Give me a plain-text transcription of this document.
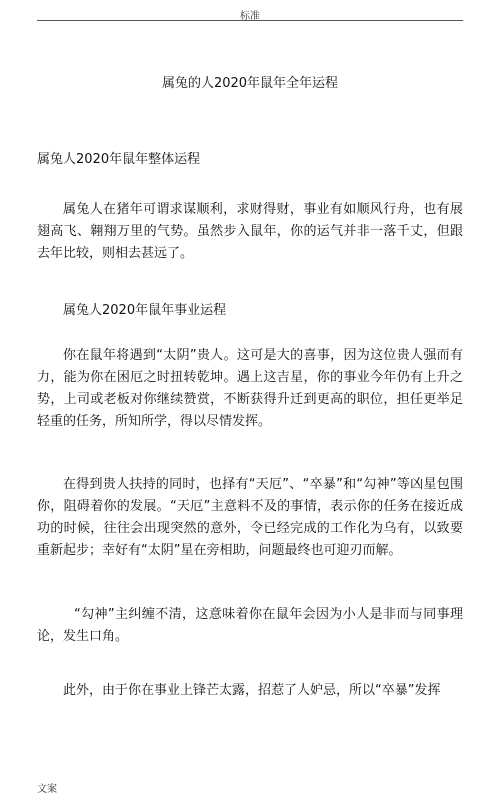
标准
属兔的人2020年鼠年全年运程
属兔人2020年鼠年整体运程

属兔人在猪年可谓求谋顺利，求财得财，事业有如顺风行舟，也有展翅高飞、翱翔万里的气势。虽然步入鼠年，你的运气并非一落千丈，但跟去年比较，则相去甚远了。

属兔人2020年鼠年事业运程

你在鼠年将遇到“太阴”贵人。这可是大的喜事，因为这位贵人强而有力，能为你在困厄之时扭转乾坤。遇上这吉星，你的事业今年仍有上升之势，上司或老板对你继续赞赏，不断获得升迁到更高的职位，担任更举足轻重的任务，所知所学，得以尽情发挥。

在得到贵人扶持的同时，也择有“天厄”、“卒暴”和“勾神”等凶星包围你，阻碍着你的发展。“天厄”主意料不及的事情，表示你的任务在接近成功的时候，往往会出现突然的意外，令已经完成的工作化为乌有，以致要重新起步；幸好有“太阴”星在旁相助，问题最终也可迎刃而解。

“勾神”主纠缠不清，这意味着你在鼠年会因为小人是非而与同事理论，发生口角。

此外，由于你在事业上锋芒太露，招惹了人妒忌，所以“卒暴”发挥

文案
